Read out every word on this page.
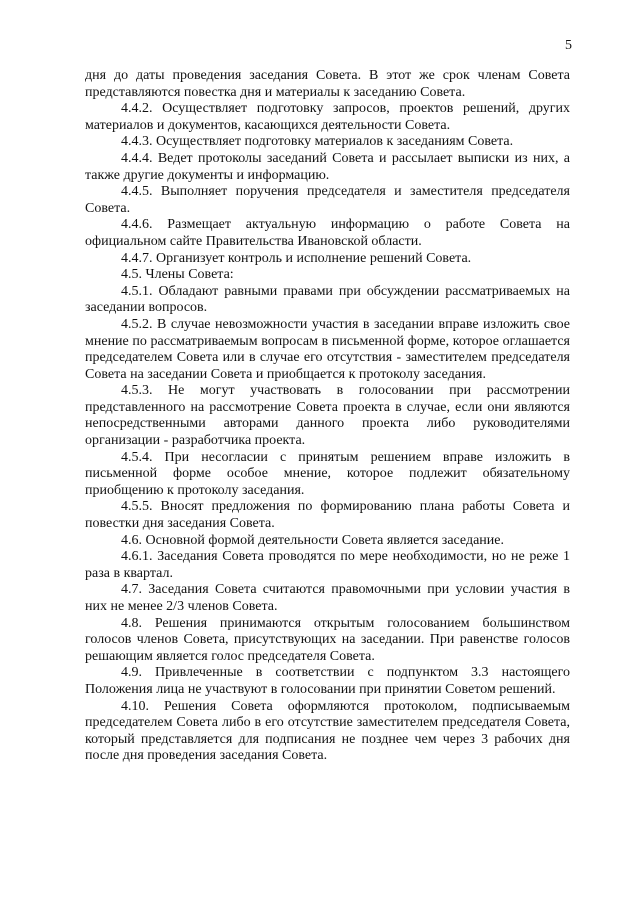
5

дня до даты проведения заседания Совета. В этот же срок членам Совета представляются повестка дня и материалы к заседанию Совета.

4.4.2. Осуществляет подготовку запросов, проектов решений, других материалов и документов, касающихся деятельности Совета.

4.4.3. Осуществляет подготовку материалов к заседаниям Совета.

4.4.4. Ведет протоколы заседаний Совета и рассылает выписки из них, а также другие документы и информацию.

4.4.5. Выполняет поручения председателя и заместителя председателя Совета.

4.4.6. Размещает актуальную информацию о работе Совета на официальном сайте Правительства Ивановской области.

4.4.7. Организует контроль и исполнение решений Совета.

4.5. Члены Совета:

4.5.1. Обладают равными правами при обсуждении рассматриваемых на заседании вопросов.

4.5.2. В случае невозможности участия в заседании вправе изложить свое мнение по рассматриваемым вопросам в письменной форме, которое оглашается председателем Совета или в случае его отсутствия - заместителем председателя Совета на заседании Совета и приобщается к протоколу заседания.

4.5.3. Не могут участвовать в голосовании при рассмотрении представленного на рассмотрение Совета проекта в случае, если они являются непосредственными авторами данного проекта либо руководителями организации - разработчика проекта.

4.5.4. При несогласии с принятым решением вправе изложить в письменной форме особое мнение, которое подлежит обязательному приобщению к протоколу заседания.

4.5.5. Вносят предложения по формированию плана работы Совета и повестки дня заседания Совета.

4.6. Основной формой деятельности Совета является заседание.

4.6.1. Заседания Совета проводятся по мере необходимости, но не реже 1 раза в квартал.

4.7. Заседания Совета считаются правомочными при условии участия в них не менее 2/3 членов Совета.

4.8. Решения принимаются открытым голосованием большинством голосов членов Совета, присутствующих на заседании. При равенстве голосов решающим является голос председателя Совета.

4.9. Привлеченные в соответствии с подпунктом 3.3 настоящего Положения лица не участвуют в голосовании при принятии Советом решений.

4.10. Решения Совета оформляются протоколом, подписываемым председателем Совета либо в его отсутствие заместителем председателя Совета, который представляется для подписания не позднее чем через 3 рабочих дня после дня проведения заседания Совета.
